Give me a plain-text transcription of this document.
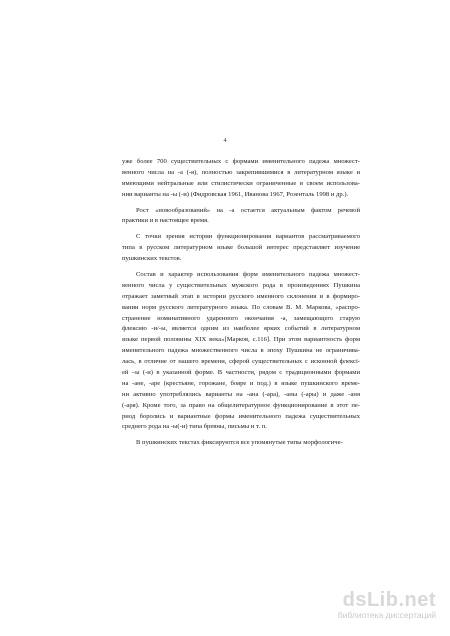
4
уже более 700 существительных с формами именительного падежа множест-
венного числа на -а (-я), полностью закрепившимися в литературном языке и
имеющими нейтральные или стилистически ограниченные в своем использова-
нии варианты на -ы (-и) (Фидровская 1961, Иванова 1967, Розенталь 1998 и др.).
Рост «новообразований» на -а остается актуальным фактом речевой
практики и в настоящее время.
С точки зрения истории функционирования вариантов рассматриваемого
типа в русском литературном языке большой интерес представляет изучение
пушкинских текстов.
Состав и характер использования форм именительного падежа множест-
венного числа у существительных мужского рода в произведениях Пушкина
отражает заметный этап в истории русского именного склонения и в формиро-
вании норм русского литературного языка. По словам В. М. Маркова, «распро-
странение номинативного ударенного окончания -а, замещающего старую
флексию -и/-ы, является одним из наиболее ярких событий в литературном
языке первой половины XIX века»[Марков, с.116]. При этом вариантность форм
именительного падежа множественного числа в эпоху Пушкина не ограничива-
лась, в отличие от нашего времени, сферой существительных с исконной флексі-
ей –ы (-и) в указанной форме. В частности, рядом с традиционными формами
на -ане, -аре (крестьяне, горожане, бояре и под.) в языке пушкинского време-
ни активно употреблялись варианты на -ана (-ара), -аны (-ары) и даже -аня
(-аря). Кроме того, за право на общелитературное функционирование в этот пе-
риод боролись и вариантные формы именительного падежа существительных
среднего рода на -ы(-и) типа бревны, письмы и т. п.
В пушкинских текстах фиксируются все упомянутые типы морфологиче-
dsLib.net
библиотека диссертаций
